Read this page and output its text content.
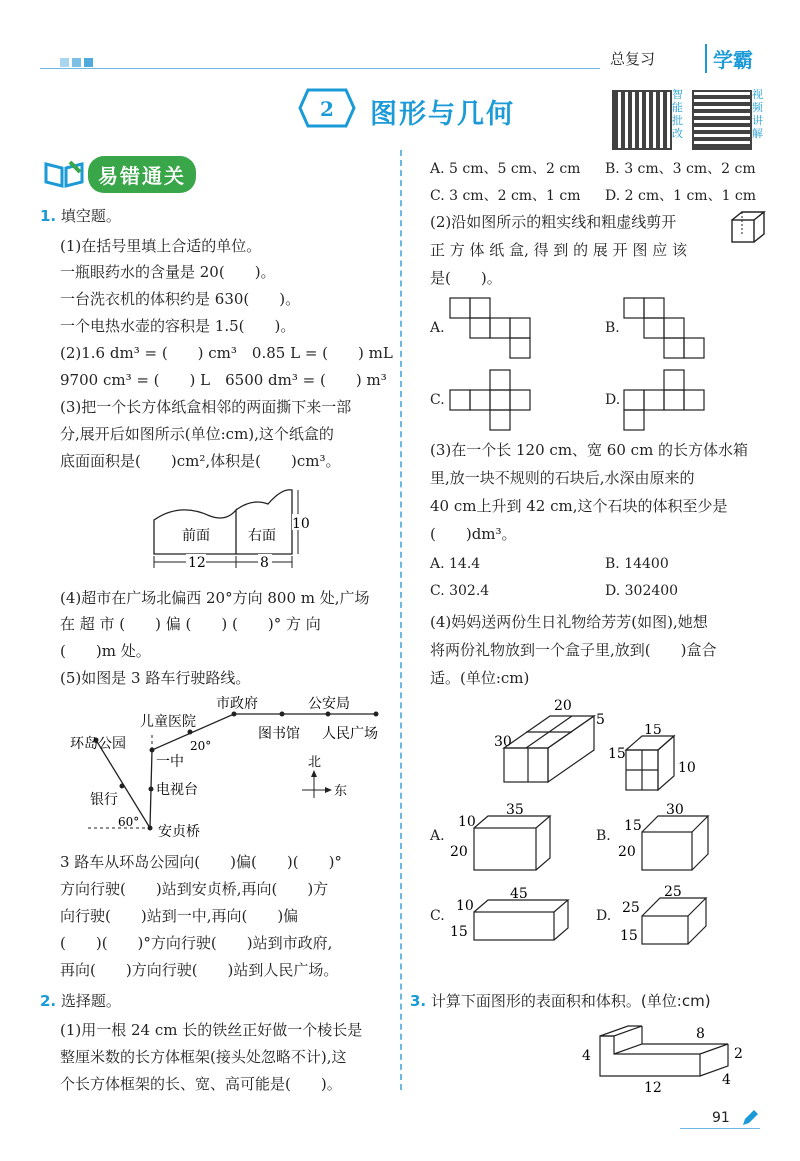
总复习	学霸
2 图形与几何
智能批改
视频讲解
易错通关
1. 填空题。
(1)在括号里填上合适的单位。
一瓶眼药水的含量是 20(　　)。
一台洗衣机的体积约是 630(　　)。
一个电热水壶的容积是 1.5(　　)。
(2)1.6 dm³ = (　　) cm³　0.85 L = (　　) mL
9700 cm³ = (　　) L　6500 dm³ = (　　) m³
(3)把一个长方体纸盒相邻的两面撕下来一部
分,展开后如图所示(单位:cm),这个纸盒的
底面面积是(　　)cm²,体积是(　　)cm³。
前面	右面
12	8
10
(4)超市在广场北偏西 20°方向 800 m 处,广场
在 超 市 (　　) 偏 (　　) (　　)° 方 向
(　　)m 处。
(5)如图是 3 路车行驶路线。
环岛公园
儿童医院
市政府	公安局
图书馆 人民广场
一中
电视台
银行
安贞桥
20°
60°
北
东
3 路车从环岛公园向(　　)偏(　　)(　　)°
方向行驶(　　)站到安贞桥,再向(　　)方
向行驶(　　)站到一中,再向(　　)偏
(　　)(　　)°方向行驶(　　)站到市政府,
再向(　　)方向行驶(　　)站到人民广场。
2. 选择题。
(1)用一根 24 cm 长的铁丝正好做一个棱长是
整厘米数的长方体框架(接头处忽略不计),这
个长方体框架的长、宽、高可能是(　　)。
A. 5 cm、5 cm、2 cm B. 3 cm、3 cm、2 cm
C. 3 cm、2 cm、1 cm D. 2 cm、1 cm、1 cm
(2)沿如图所示的粗实线和粗虚线剪开
正 方 体 纸 盒, 得 到 的 展 开 图 应 该
是(　　)。
A.	B.
C.	D.
(3)在一个长 120 cm、宽 60 cm 的长方体水箱
里,放一块不规则的石块后,水深由原来的
40 cm上升到 42 cm,这个石块的体积至少是
(　　)dm³。
A. 14.4	B. 14400
C. 302.4	D. 302400
(4)妈妈送两份生日礼物给芳芳(如图),她想
将两份礼物放到一个盒子里,放到(　　)盒合
适。(单位:cm)
20
5
30
15
15
10
A.
35
10
20
B.
30
15
20
C.
45
10
15
D.
25
25
15
3. 计算下面图形的表面积和体积。(单位:cm)
8
4	2
12	4
91
